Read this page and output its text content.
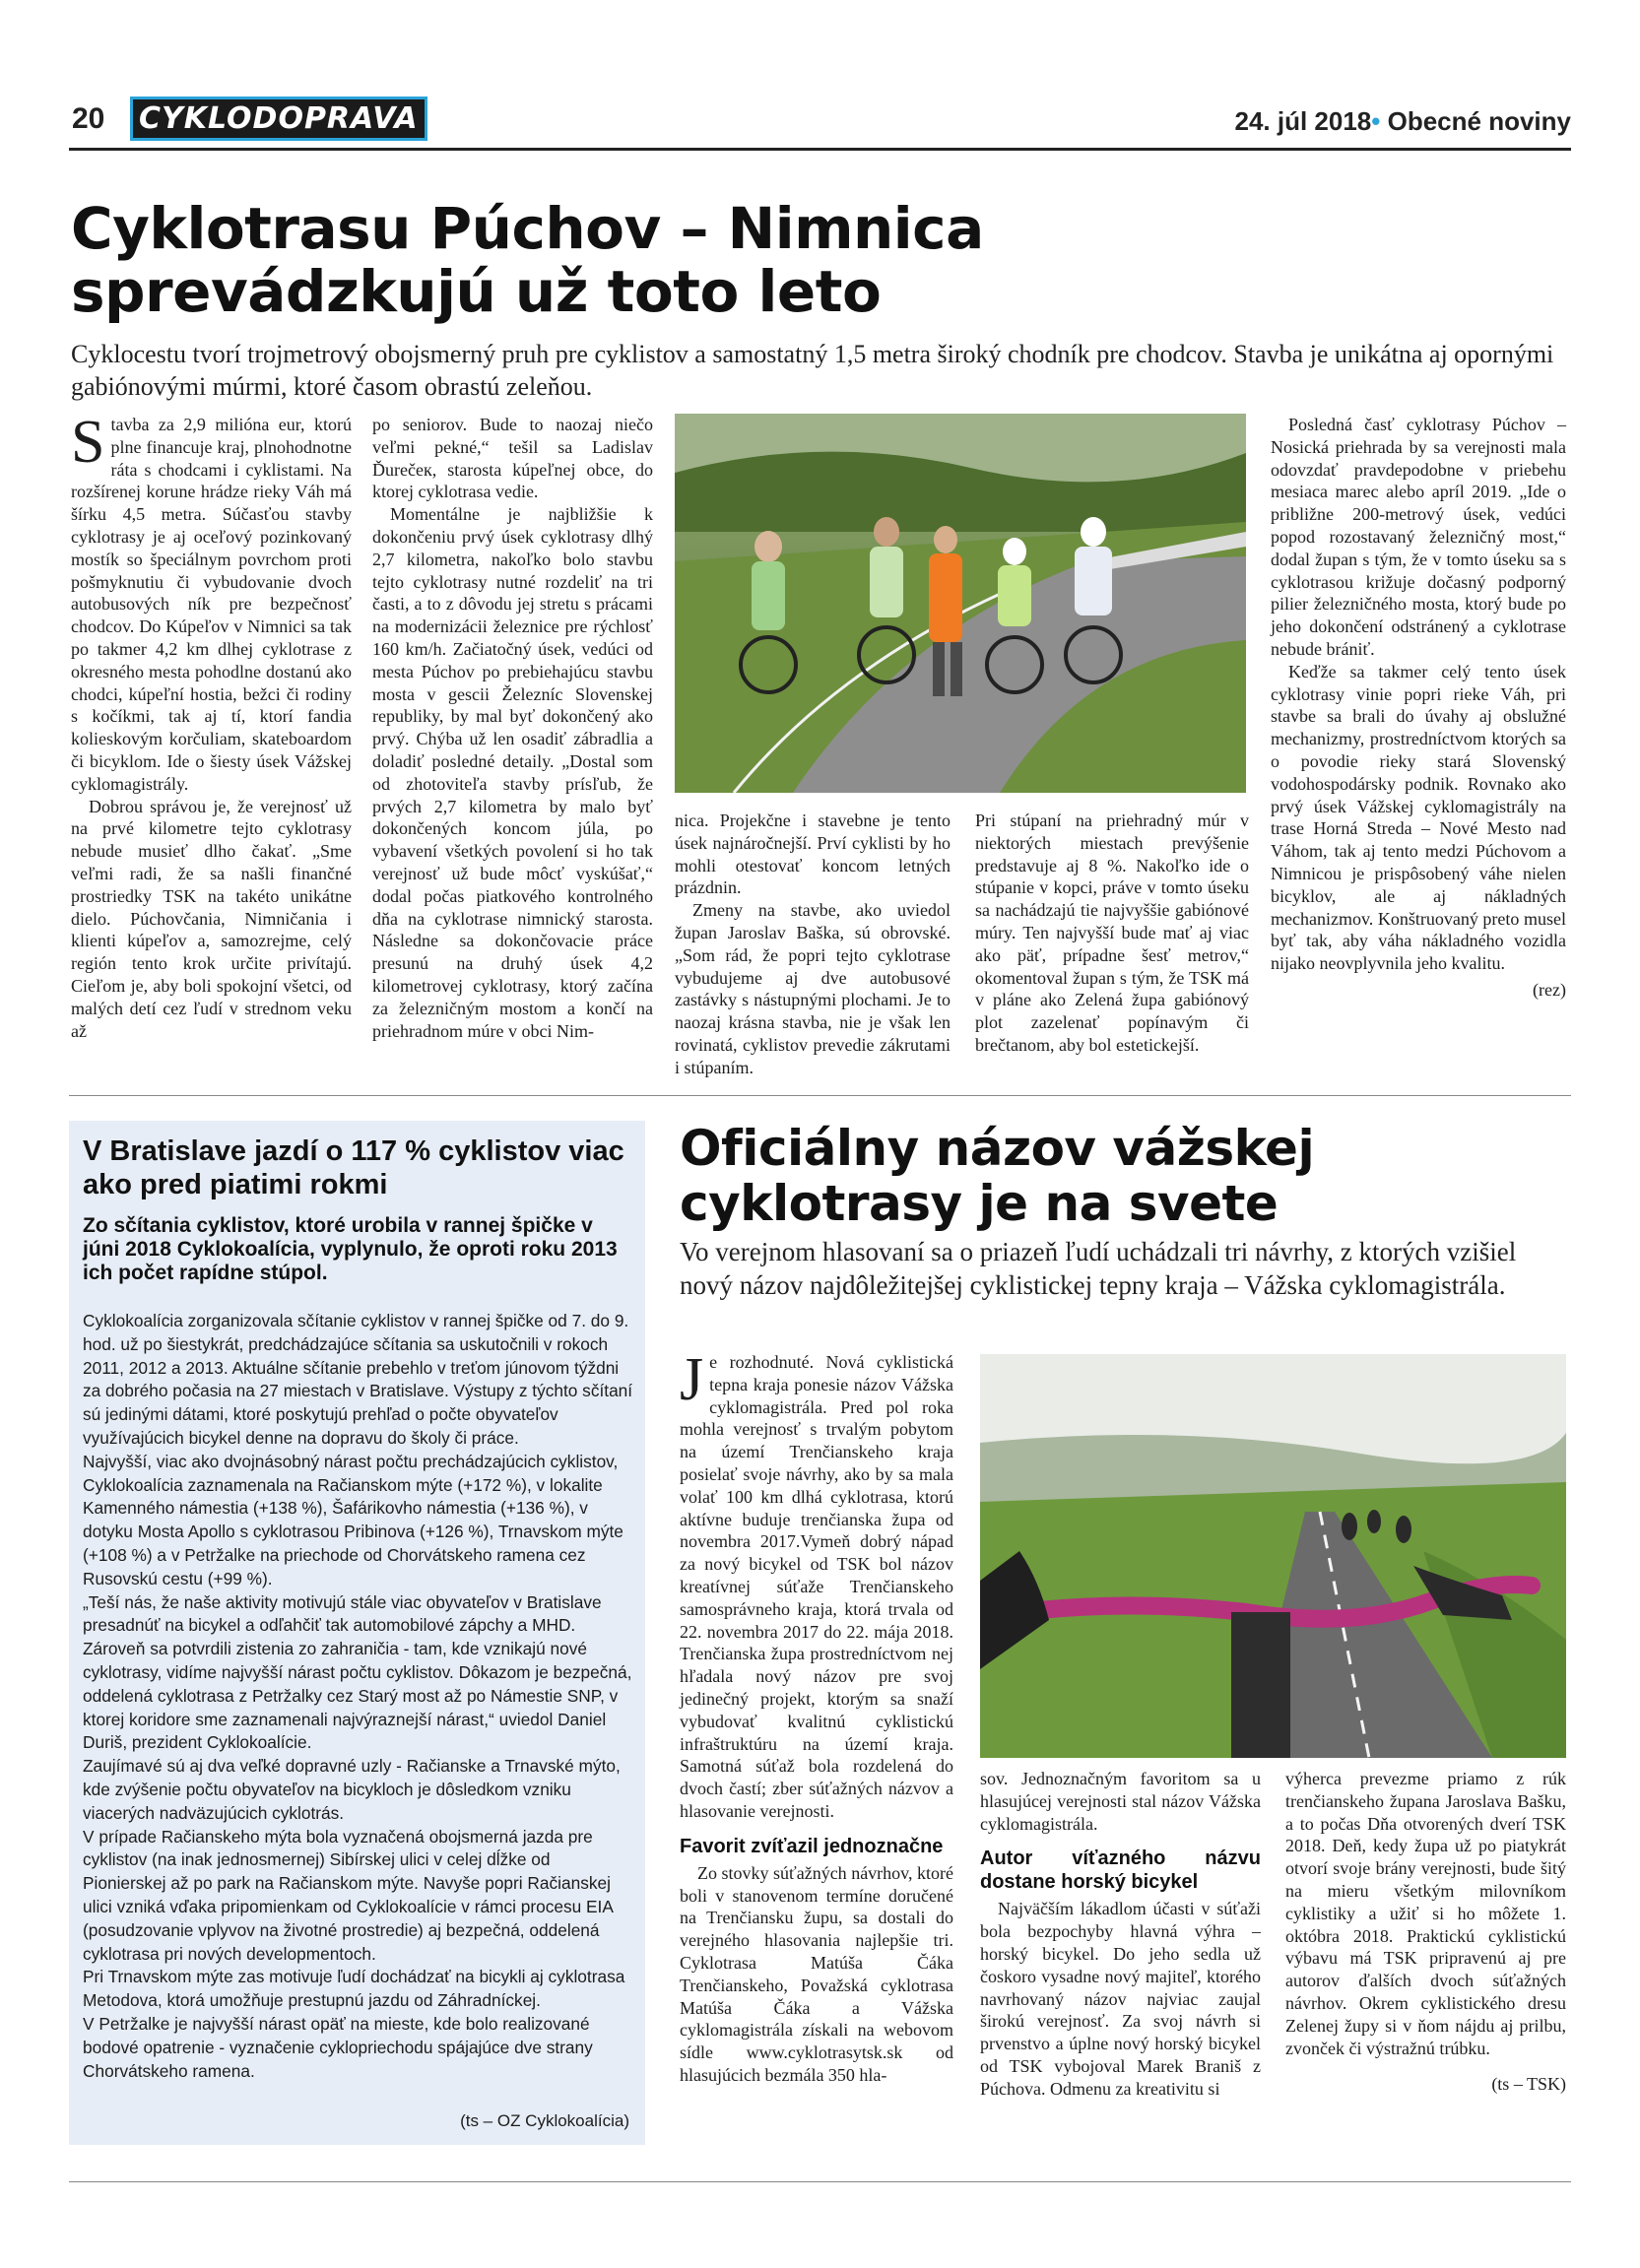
20	CYKLODOPRAVA	24. júl 2018• Obecné noviny
Cyklotrasu Púchov – Nimnica
sprevádzkujú už toto leto
Cyklocestu tvorí trojmetrový obojsmerný pruh pre cyklistov a samostatný 1,5 metra široký chodník pre chodcov. Stavba je unikátna aj opornými gabiónovými múrmi, ktoré časom obrastú zeleňou.

Stavba za 2,9 milióna eur, ktorú plne financuje kraj, plnohodnotne ráta s chodcami i cyklistami. Na rozšírenej korune hrádze rieky Váh má šírku 4,5 metra. Súčasťou stavby cyklotrasy je aj oceľový pozinkovaný mostík so špeciálnym povrchom proti pošmyknutiu či vybudovanie dvoch autobusových ník pre bezpečnosť chodcov. Do Kúpeľov v Nimnici sa tak po takmer 4,2 km dlhej cyklotrase z okresného mesta pohodlne dostanú ako chodci, kúpeľní hostia, bežci či rodiny s kočíkmi, tak aj tí, ktorí fandia kolieskovým korčuliam, skateboardom či bicyklom. Ide o šiesty úsek Vážskej cyklomagistrály.

Dobrou správou je, že verejnosť už na prvé kilometre tejto cyklotrasy nebude musieť dlho čakať. „Sme veľmi radi, že sa našli finančné prostriedky TSK na takéto unikátne dielo. Púchovčania, Nimničania i klienti kúpeľov a, samozrejme, celý región tento krok určite privítajú. Cieľom je, aby boli spokojní všetci, od malých detí cez ľudí v strednom veku až

po seniorov. Bude to naozaj niečo veľmi pekné,“ tešil sa Ladislav Ďurečeк, starosta kúpeľnej obce, do ktorej cyklotrasa vedie.

Momentálne je najbližšie k dokončeniu prvý úsek cyklotrasy dlhý 2,7 kilometra, nakoľko bolo stavbu tejto cyklotrasy nutné rozdeliť na tri časti, a to z dôvodu jej stretu s prácami na modernizácii železnice pre rýchlosť 160 km/h. Začiatočný úsek, vedúci od mesta Púchov po prebiehajúcu stavbu mosta v gescii Železníc Slovenskej republiky, by mal byť dokončený ako prvý. Chýba už len osadiť zábradlia a doladiť posledné detaily. „Dostal som od zhotoviteľa stavby prísľub, že prvých 2,7 kilometra by malo byť dokončených koncom júla, po vybavení všetkých povolení si ho tak verejnosť už bude môcť vyskúšať,“ dodal počas piatkového kontrolného dňa na cyklotrase nimnický starosta. Následne sa dokončovacie práce presunú na druhý úsek 4,2 kilometrovej cyklotrasy, ktorý začína za železničným mostom a končí na priehradnom múre v obci Nim-

nica. Projekčne i stavebne je tento úsek najnáročnejší. Prví cyklisti by ho mohli otestovať koncom letných prázdnin.

Zmeny na stavbe, ako uviedol župan Jaroslav Baška, sú obrovské. „Som rád, že popri tejto cyklotrase vybudujeme aj dve autobusové zastávky s nástupnými plochami. Je to naozaj krásna stavba, nie je však len rovinatá, cyklistov prevedie zákrutami i stúpaním.

Pri stúpaní na priehradný múr v niektorých miestach prevýšenie predstavuje aj 8 %. Nakoľko ide o stúpanie v kopci, práve v tomto úseku sa nachádzajú tie najvyššie gabiónové múry. Ten najvyšší bude mať aj viac ako päť, prípadne šesť metrov,“ okomentoval župan s tým, že TSK má v pláne ako Zelená župa gabiónový plot zazelenať popínavým či brečtanom, aby bol estetickejší.

Posledná časť cyklotrasy Púchov – Nosická priehrada by sa verejnosti mala odovzdať pravdepodobne v priebehu mesiaca marec alebo apríl 2019. „Ide o približne 200-metrový úsek, vedúci popod rozostavaný železničný most,“ dodal župan s tým, že v tomto úseku sa s cyklotrasou križuje dočasný podporný pilier železničného mosta, ktorý bude po jeho dokončení odstránený a cyklotrase nebude brániť.

Keďže sa takmer celý tento úsek cyklotrasy vinie popri rieke Váh, pri stavbe sa brali do úvahy aj obslužné mechanizmy, prostredníctvom ktorých sa o povodie rieky stará Slovenský vodohospodársky podnik. Rovnako ako prvý úsek Vážskej cyklomagistrály na trase Horná Streda – Nové Mesto nad Váhom, tak aj tento medzi Púchovom a Nimnicou je prispôsobený váhe nielen bicyklov, ale aj nákladných mechanizmov. Konštruovaný preto musel byť tak, aby váha nákladného vozidla nijako neovplyvnila jeho kvalitu.

(rez)

V Bratislave jazdí o 117 % cyklistov viac ako pred piatimi rokmi
Zo sčítania cyklistov, ktoré urobila v rannej špičke v júni 2018 Cyklokoalícia, vyplynulo, že oproti roku 2013 ich počet rapídne stúpol.

Cyklokoalícia zorganizovala sčítanie cyklistov v rannej špičke od 7. do 9. hod. už po šiestykrát, predchádzajúce sčítania sa uskutočnili v rokoch 2011, 2012 a 2013. Aktuálne sčítanie prebehlo v treťom júnovom týždni za dobrého počasia na 27 miestach v Bratislave. Výstupy z týchto sčítaní sú jedinými dátami, ktoré poskytujú prehľad o počte obyvateľov využívajúcich bicykel denne na dopravu do školy či práce.

Najvyšší, viac ako dvojnásobný nárast počtu prechádzajúcich cyklistov, Cyklokoalícia zaznamenala na Račianskom mýte (+172 %), v lokalite Kamenného námestia (+138 %), Šafárikovho námestia (+136 %), v dotyku Mosta Apollo s cyklotrasou Pribinova (+126 %), Trnavskom mýte (+108 %) a v Petržalke na priechode od Chorvátskeho ramena cez Rusovskú cestu (+99 %).

„Teší nás, že naše aktivity motivujú stále viac obyvateľov v Bratislave presadnúť na bicykel a odľahčiť tak automobilové zápchy a MHD. Zároveň sa potvrdili zistenia zo zahraničia - tam, kde vznikajú nové cyklotrasy, vidíme najvyšší nárast počtu cyklistov. Dôkazom je bezpečná, oddelená cyklotrasa z Petržalky cez Starý most až po Námestie SNP, v ktorej koridore sme zaznamenali najvýraznejší nárast,“ uviedol Daniel Duriš, prezident Cyklokoalície.

Zaujímavé sú aj dva veľké dopravné uzly - Račianske a Trnavské mýto, kde zvýšenie počtu obyvateľov na bicykloch je dôsledkom vzniku viacerých nadväzujúcich cyklotrás.

V prípade Račianskeho mýta bola vyznačená obojsmerná jazda pre cyklistov (na inak jednosmernej) Sibírskej ulici v celej dĺžke od Pionierskej až po park na Račianskom mýte. Navyše popri Račianskej ulici vzniká vďaka pripomienkam od Cyklokoalície v rámci procesu EIA (posudzovanie vplyvov na životné prostredie) aj bezpečná, oddelená cyklotrasa pri nových developmentoch.

Pri Trnavskom mýte zas motivuje ľudí dochádzať na bicykli aj cyklotrasa Metodova, ktorá umožňuje prestupnú jazdu od Záhradníckej.

V Petržalke je najvyšší nárast opäť na mieste, kde bolo realizované bodové opatrenie - vyznačenie cyklopriechodu spájajúce dve strany Chorvátskeho ramena.

(ts – OZ Cyklokoalícia)
Oficiálny názov vážskej
cyklotrasy je na svete
Vo verejnom hlasovaní sa o priazeň ľudí uchádzali tri návrhy, z ktorých vzišiel nový názov najdôležitejšej cyklistickej tepny kraja – Vážska cyklomagistrála.

Je rozhodnuté. Nová cyklistická tepna kraja ponesie názov Vážska cyklomagistrála. Pred pol roka mohla verejnosť s trvalým pobytom na území Trenčianskeho kraja posielať svoje návrhy, ako by sa mala volať 100 km dlhá cyklotrasa, ktorú aktívne buduje trenčianska župa od novembra 2017.Vymeň dobrý nápad za nový bicykel od TSK bol názov kreatívnej súťaže Trenčianskeho samosprávneho kraja, ktorá trvala od 22. novembra 2017 do 22. mája 2018. Trenčianska župa prostredníctvom nej hľadala nový názov pre svoj jedinečný projekt, ktorým sa snaží vybudovať kvalitnú cyklistickú infraštruktúru na území kraja. Samotná súťaž bola rozdelená do dvoch častí; zber súťažných názvov a hlasovanie verejnosti.

Favorit zvíťazil jednoznačne

Zo stovky súťažných návrhov, ktoré boli v stanovenom termíne doručené na Trenčiansku župu, sa dostali do verejného hlasovania najlepšie tri. Cyklotrasa Matúša Čáka Trenčianskeho, Považská cyklotrasa Matúša Čáka a Vážska cyklomagistrála získali na webovom sídle www.cyklotrasytsk.sk od hlasujúcich bezmála 350 hla-

sov. Jednoznačným favoritom sa u hlasujúcej verejnosti stal názov Vážska cyklomagistrála.

Autor víťazného názvu dostane horský bicykel

Najväčším lákadlom účasti v súťaži bola bezpochyby hlavná výhra – horský bicykel. Do jeho sedla už čoskoro vysadne nový majiteľ, ktorého navrhovaný názov najviac zaujal širokú verejnosť. Za svoj návrh si prvenstvo a úplne nový horský bicykel od TSK vybojoval Marek Braniš z Púchova. Odmenu za kreativitu si

výherca prevezme priamo z rúk trenčianskeho župana Jaroslava Bašku, a to počas Dňa otvorených dverí TSK 2018. Deň, kedy župa už po piatykrát otvorí svoje brány verejnosti, bude šitý na mieru všetkým milovníkom cyklistiky a užiť si ho môžete 1. októbra 2018. Praktickú cyklistickú výbavu má TSK pripravenú aj pre autorov ďalších dvoch súťažných návrhov. Okrem cyklistického dresu Zelenej župy si v ňom nájdu aj prilbu, zvonček či výstražnú trúbku.

(ts – TSK)
